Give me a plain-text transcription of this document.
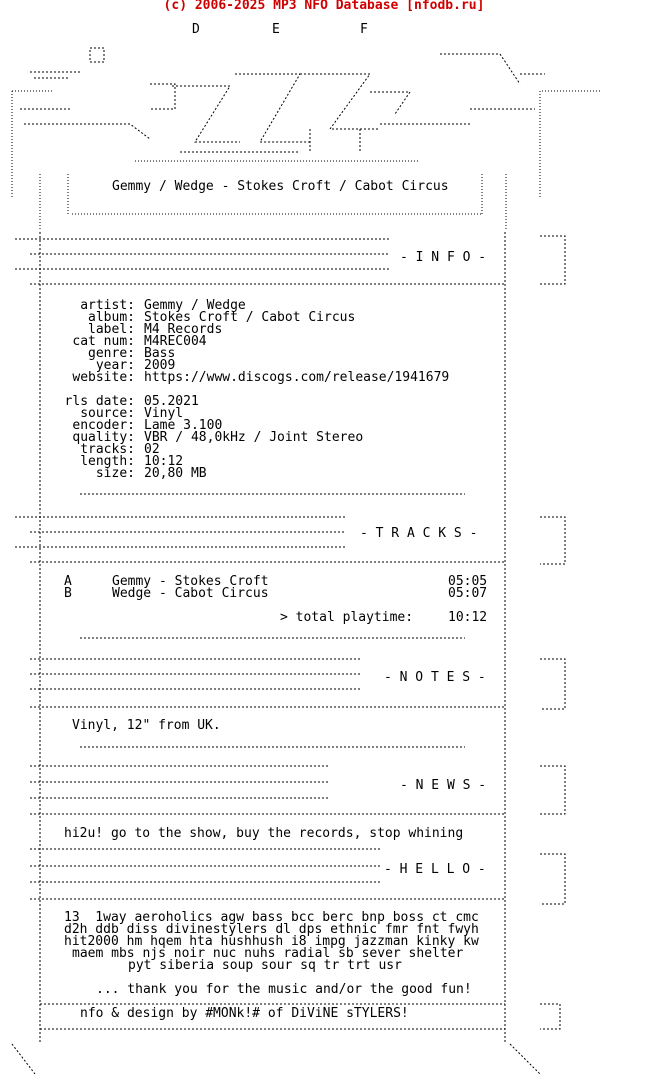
(c) 2006-2025 MP3 NFO Database [nfodb.ru]
D	E	F
Gemmy / Wedge - Stokes Croft / Cabot Circus
- I N F O -
artist: Gemmy / Wedge
album: Stokes Croft / Cabot Circus
label: M4 Records
cat num: M4REC004
genre: Bass
year: 2009
website: https://www.discogs.com/release/1941679
rls date: 05.2021
source: Vinyl
encoder: Lame 3.100
quality: VBR / 48,0kHz / Joint Stereo
tracks: 02
length: 10:12
size: 20,80 MB
- T R A C K S -
A	Gemmy - Stokes Croft	05:05
B	Wedge - Cabot Circus	05:07
> total playtime:	10:12
- N O T E S -
Vinyl, 12" from UK.
- N E W S -
hi2u! go to the show, buy the records, stop whining
- H E L L O -
13  1way aeroholics agw bass bcc berc bnp boss ct cmc
d2h ddb diss divinestylers dl dps ethnic fmr fnt fwyh
hit2000 hm hqem hta hushhush i8 impg jazzman kinky kw
maem mbs njs noir nuc nuhs radial sb sever shelter
pyt siberia soup sour sq tr trt usr
... thank you for the music and/or the good fun!
nfo & design by #MONk!# of DiViNE sTYLERS!
